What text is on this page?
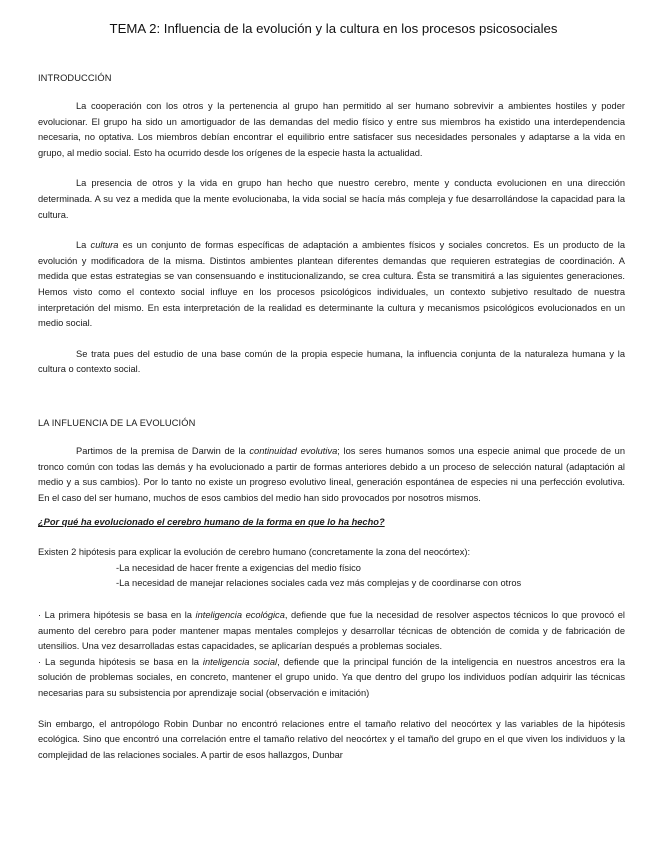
TEMA 2: Influencia de la evolución y la cultura en los procesos psicosociales
INTRODUCCIÓN

La cooperación con los otros y la pertenencia al grupo han permitido al ser humano sobrevivir a ambientes hostiles y poder evolucionar. El grupo ha sido un amortiguador de las demandas del medio físico y entre sus miembros ha existido una interdependencia necesaria, no optativa. Los miembros debían encontrar el equilibrio entre satisfacer sus necesidades personales y adaptarse a la vida en grupo, al medio social. Esto ha ocurrido desde los orígenes de la especie hasta la actualidad.

La presencia de otros y la vida en grupo han hecho que nuestro cerebro, mente y conducta evolucionen en una dirección determinada. A su vez a medida que la mente evolucionaba, la vida social se hacía más compleja y fue desarrollándose la capacidad para la cultura.

La cultura es un conjunto de formas específicas de adaptación a ambientes físicos y sociales concretos. Es un producto de la evolución y modificadora de la misma. Distintos ambientes plantean diferentes demandas que requieren estrategias de coordinación. A medida que estas estrategias se van consensuando e institucionalizando, se crea cultura. Ésta se transmitirá a las siguientes generaciones. Hemos visto como el contexto social influye en los procesos psicológicos individuales, un contexto subjetivo resultado de nuestra interpretación del mismo. En esta interpretación de la realidad es determinante la cultura y mecanismos psicológicos evolucionados en un medio social.

Se trata pues del estudio de una base común de la propia especie humana, la influencia conjunta de la naturaleza humana y la cultura o contexto social.

LA INFLUENCIA DE LA EVOLUCIÓN

Partimos de la premisa de Darwin de la continuidad evolutiva; los seres humanos somos una especie animal que procede de un tronco común con todas las demás y ha evolucionado a partir de formas anteriores debido a un proceso de selección natural (adaptación al medio y a sus cambios). Por lo tanto no existe un progreso evolutivo lineal, generación espontánea de especies ni una perfección evolutiva. En el caso del ser humano, muchos de esos cambios del medio han sido provocados por nosotros mismos.

¿Por qué ha evolucionado el cerebro humano de la forma en que lo ha hecho?

Existen 2 hipótesis para explicar la evolución de cerebro humano (concretamente la zona del neocórtex):

-La necesidad de hacer frente a exigencias del medio físico
-La necesidad de manejar relaciones sociales cada vez más complejas y de coordinarse con otros

· La primera hipótesis se basa en la inteligencia ecológica, defiende que fue la necesidad de resolver aspectos técnicos lo que provocó el aumento del cerebro para poder mantener mapas mentales complejos y desarrollar técnicas de obtención de comida y de fabricación de utensilios. Una vez desarrolladas estas capacidades, se aplicarían después a problemas sociales.

· La segunda hipótesis se basa en la inteligencia social, defiende que la principal función de la inteligencia en nuestros ancestros era la solución de problemas sociales, en concreto, mantener el grupo unido. Ya que dentro del grupo los individuos podían adquirir las técnicas necesarias para su subsistencia por aprendizaje social (observación e imitación)

Sin embargo, el antropólogo Robin Dunbar no encontró relaciones entre el tamaño relativo del neocórtex y las variables de la hipótesis ecológica. Sino que encontró una correlación entre el tamaño relativo del neocórtex y el tamaño del grupo en el que viven los individuos y la complejidad de las relaciones sociales. A partir de esos hallazgos, Dunbar
